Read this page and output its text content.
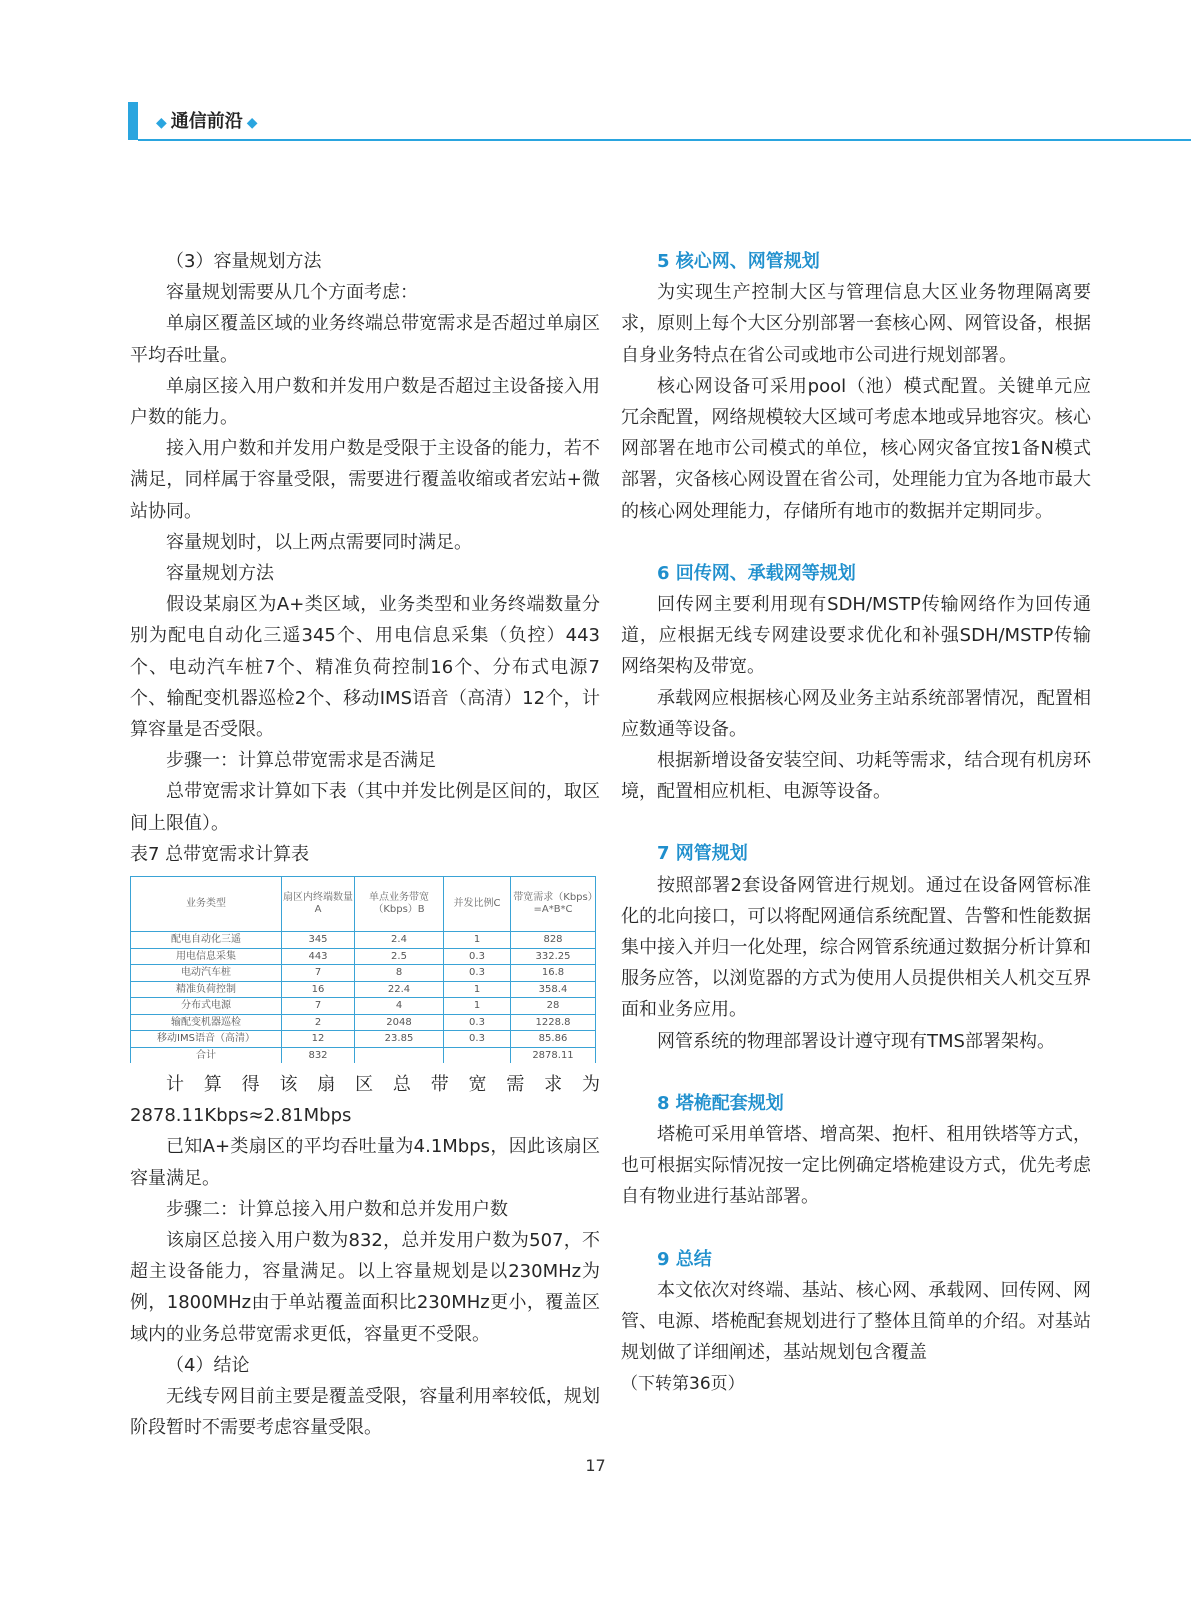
◆ 通信前沿 ◆

（3）容量规划方法

容量规划需要从几个方面考虑：

单扇区覆盖区域的业务终端总带宽需求是否超过单扇区平均吞吐量。

单扇区接入用户数和并发用户数是否超过主设备接入用户数的能力。

接入用户数和并发用户数是受限于主设备的能力，若不满足，同样属于容量受限，需要进行覆盖收缩或者宏站+微站协同。

容量规划时，以上两点需要同时满足。

容量规划方法

假设某扇区为A+类区域，业务类型和业务终端数量分别为配电自动化三遥345个、用电信息采集（负控）443个、电动汽车桩7个、精准负荷控制16个、分布式电源7个、输配变机器巡检2个、移动IMS语音（高清）12个，计算容量是否受限。

步骤一：计算总带宽需求是否满足

总带宽需求计算如下表（其中并发比例是区间的，取区间上限值）。

表7 总带宽需求计算表

业务类型	扇区内终端数量A	单点业务带宽（Kbps）B	并发比例C	带宽需求（Kbps）=A*B*C
配电自动化三遥	345	2.4	1	828
用电信息采集	443	2.5	0.3	332.25
电动汽车桩	7	8	0.3	16.8
精准负荷控制	16	22.4	1	358.4
分布式电源	7	4	1	28
输配变机器巡检	2	2048	0.3	1228.8
移动IMS语音（高清）	12	23.85	0.3	85.86
合计	832			2878.11

计算得该扇区总带宽需求为2878.11Kbps≈2.81Mbps

已知A+类扇区的平均吞吐量为4.1Mbps，因此该扇区容量满足。

步骤二：计算总接入用户数和总并发用户数

该扇区总接入用户数为832，总并发用户数为507，不超主设备能力，容量满足。以上容量规划是以230MHz为例，1800MHz由于单站覆盖面积比230MHz更小，覆盖区域内的业务总带宽需求更低，容量更不受限。

（4）结论

无线专网目前主要是覆盖受限，容量利用率较低，规划阶段暂时不需要考虑容量受限。

5 核心网、网管规划

为实现生产控制大区与管理信息大区业务物理隔离要求，原则上每个大区分别部署一套核心网、网管设备，根据自身业务特点在省公司或地市公司进行规划部署。

核心网设备可采用pool（池）模式配置。关键单元应冗余配置，网络规模较大区域可考虑本地或异地容灾。核心网部署在地市公司模式的单位，核心网灾备宜按1备N模式部署，灾备核心网设置在省公司，处理能力宜为各地市最大的核心网处理能力，存储所有地市的数据并定期同步。

6 回传网、承载网等规划

回传网主要利用现有SDH/MSTP传输网络作为回传通道，应根据无线专网建设要求优化和补强SDH/MSTP传输网络架构及带宽。

承载网应根据核心网及业务主站系统部署情况，配置相应数通等设备。

根据新增设备安装空间、功耗等需求，结合现有机房环境，配置相应机柜、电源等设备。

7 网管规划

按照部署2套设备网管进行规划。通过在设备网管标准化的北向接口，可以将配网通信系统配置、告警和性能数据集中接入并归一化处理，综合网管系统通过数据分析计算和服务应答，以浏览器的方式为使用人员提供相关人机交互界面和业务应用。

网管系统的物理部署设计遵守现有TMS部署架构。

8 塔桅配套规划

塔桅可采用单管塔、增高架、抱杆、租用铁塔等方式，也可根据实际情况按一定比例确定塔桅建设方式，优先考虑自有物业进行基站部署。

9 总结

本文依次对终端、基站、核心网、承载网、回传网、网管、电源、塔桅配套规划进行了整体且简单的介绍。对基站规划做了详细阐述，基站规划包含覆盖

（下转第36页）

17
